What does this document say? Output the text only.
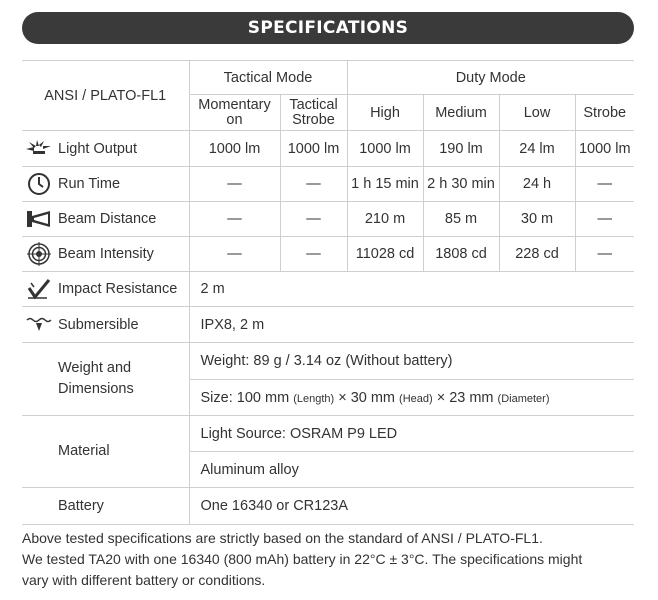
SPECIFICATIONS
ANSI / PLATO-FL1	Tactical Mode		Duty Mode			
	Momentary on	Tactical Strobe	High	Medium	Low	Strobe

Light Output	1000 lm	1000 lm	1000 lm	190 lm	24 lm	1000 lm

Run Time	—	—	1 h 15 min	2 h 30 min	24 h	—

Beam Distance	—	—	210 m	85 m	30 m	—

Beam Intensity	—	—	11028 cd	1808 cd	228 cd	—

Impact Resistance	2 m					

Submersible	IPX8, 2 m					

Weight and Dimensions	Weight: 89 g / 3.14 oz (Without battery)					
	Size: 100 mm (Length) × 30 mm (Head) × 23 mm (Diameter)					

Material	Light Source: OSRAM P9 LED					
	Aluminum alloy					

Battery	One 16340 or CR123A					
Above tested specifications are strictly based on the standard of ANSI / PLATO-FL1.
We tested TA20 with one 16340 (800 mAh) battery in 22°C ± 3°C. The specifications might
vary with different battery or conditions.
